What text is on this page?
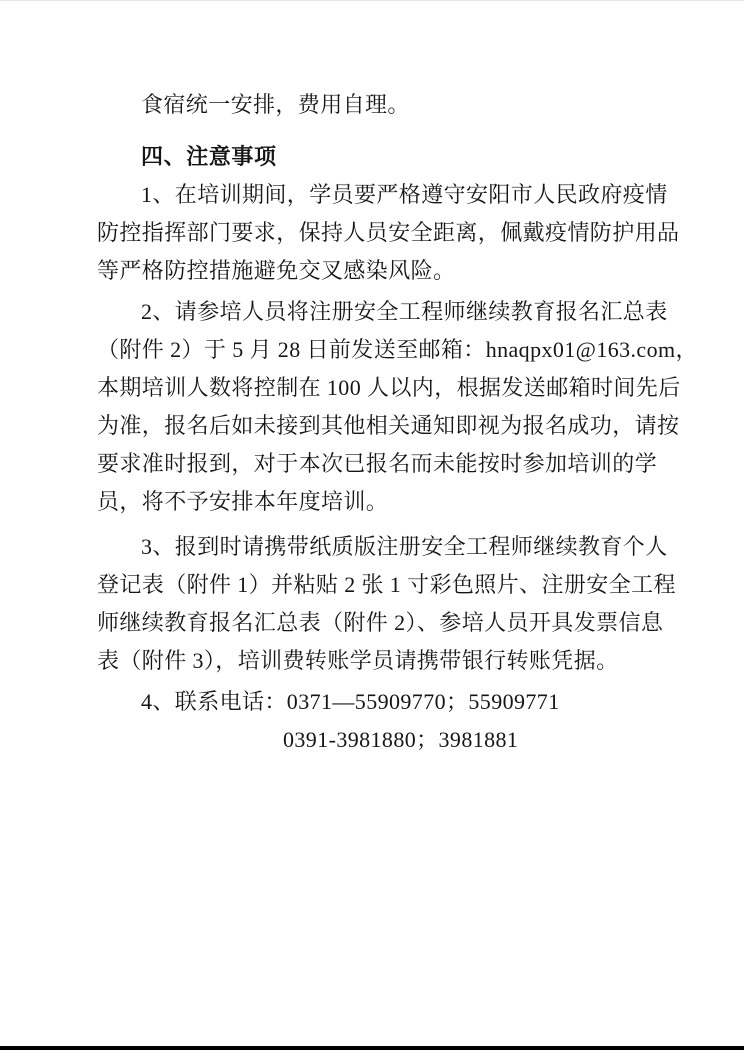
食宿统一安排，费用自理。
四、注意事项
1、在培训期间，学员要严格遵守安阳市人民政府疫情
防控指挥部门要求，保持人员安全距离，佩戴疫情防护用品
等严格防控措施避免交叉感染风险。
2、请参培人员将注册安全工程师继续教育报名汇总表
（附件 2）于 5 月 28 日前发送至邮箱：hnaqpx01@163.com，
本期培训人数将控制在 100 人以内，根据发送邮箱时间先后
为准，报名后如未接到其他相关通知即视为报名成功，请按
要求准时报到，对于本次已报名而未能按时参加培训的学
员，将不予安排本年度培训。
3、报到时请携带纸质版注册安全工程师继续教育个人
登记表（附件 1）并粘贴 2 张 1 寸彩色照片、注册安全工程
师继续教育报名汇总表（附件 2）、参培人员开具发票信息
表（附件 3），培训费转账学员请携带银行转账凭据。
4、联系电话：0371—55909770；55909771
0391-3981880；3981881
